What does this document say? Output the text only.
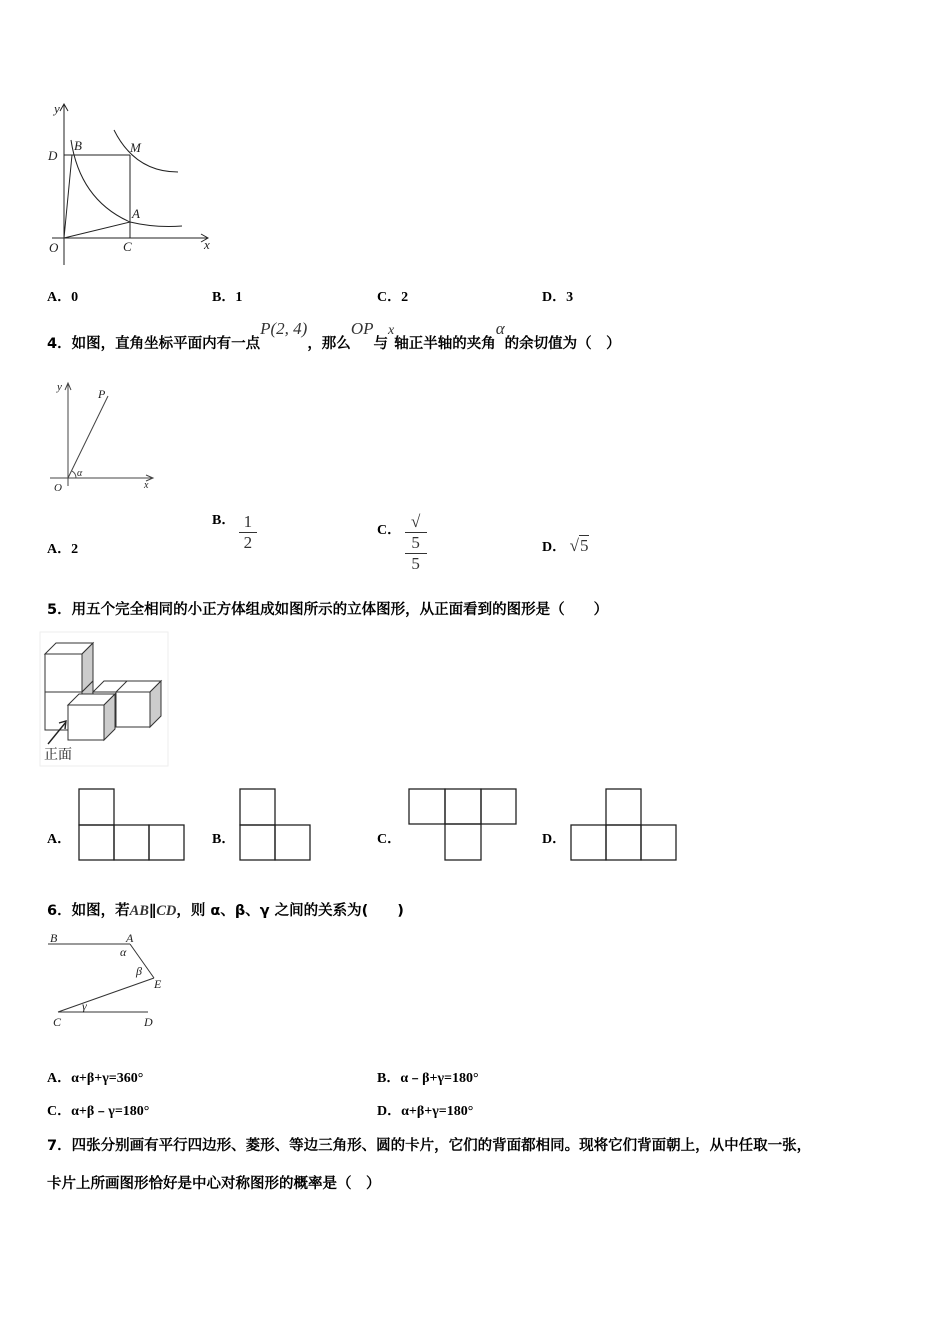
y
x
D
B	M
A
O	C
A．0	B．1	C．2	D．3
4．如图，直角坐标平面内有一点P(2, 4)，那么OP与x轴正半轴的夹角α的余切值为（　）
y	P
O	x
α
A．2
B． $\frac{1}{2}$	C． √
5
5	D． √5
5．用五个完全相同的小正方体组成如图所示的立体图形，从正面看到的图形是（　　）
正面
A．	B．	C．	D．
6．如图，若AB∥CD，则 α、β、γ 之间的关系为(　　)
B	A
α
β
E
γ
C	D
A．α+β+γ=360°	B．α﹣β+γ=180°
C．α+β﹣γ=180°	D．α+β+γ=180°
7．四张分别画有平行四边形、菱形、等边三角形、圆的卡片，它们的背面都相同。现将它们背面朝上，从中任取一张，
卡片上所画图形恰好是中心对称图形的概率是（　）
